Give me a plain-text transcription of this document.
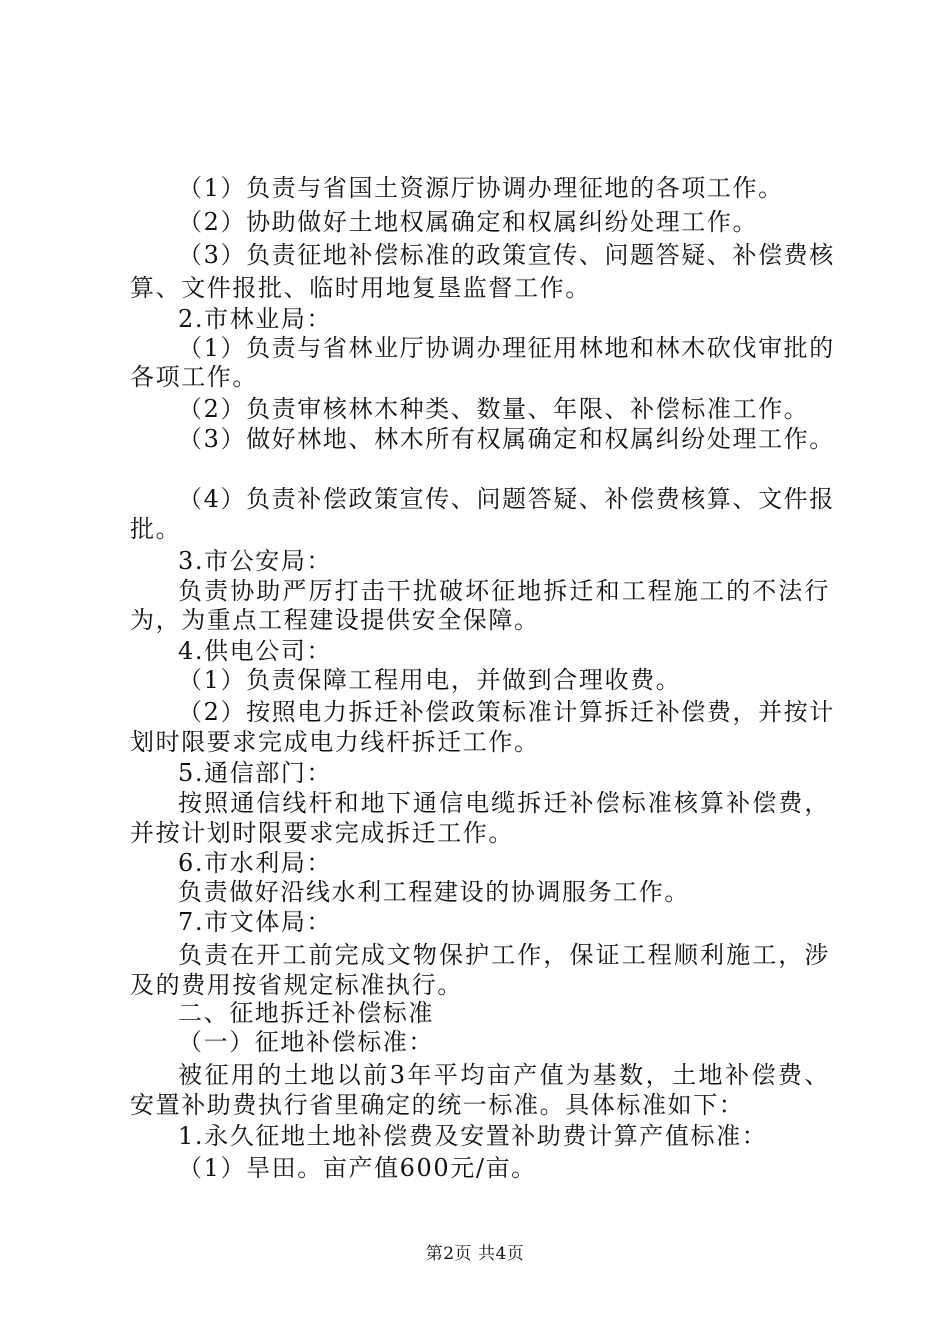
（1）负责与省国土资源厅协调办理征地的各项工作。
（2）协助做好土地权属确定和权属纠纷处理工作。
（3）负责征地补偿标准的政策宣传、问题答疑、补偿费核
算、文件报批、临时用地复垦监督工作。
2.市林业局：
（1）负责与省林业厅协调办理征用林地和林木砍伐审批的
各项工作。
（2）负责审核林木种类、数量、年限、补偿标准工作。
（3）做好林地、林木所有权属确定和权属纠纷处理工作。
（4）负责补偿政策宣传、问题答疑、补偿费核算、文件报
批。
3.市公安局：
负责协助严厉打击干扰破坏征地拆迁和工程施工的不法行
为，为重点工程建设提供安全保障。
4.供电公司：
（1）负责保障工程用电，并做到合理收费。
（2）按照电力拆迁补偿政策标准计算拆迁补偿费，并按计
划时限要求完成电力线杆拆迁工作。
5.通信部门：
按照通信线杆和地下通信电缆拆迁补偿标准核算补偿费，
并按计划时限要求完成拆迁工作。
6.市水利局：
负责做好沿线水利工程建设的协调服务工作。
7.市文体局：
负责在开工前完成文物保护工作，保证工程顺利施工，涉
及的费用按省规定标准执行。
二、征地拆迁补偿标准
（一）征地补偿标准：
被征用的土地以前3年平均亩产值为基数，土地补偿费、
安置补助费执行省里确定的统一标准。具体标准如下：
1.永久征地土地补偿费及安置补助费计算产值标准：
（1）旱田。亩产值600元/亩。
第2页 共4页
